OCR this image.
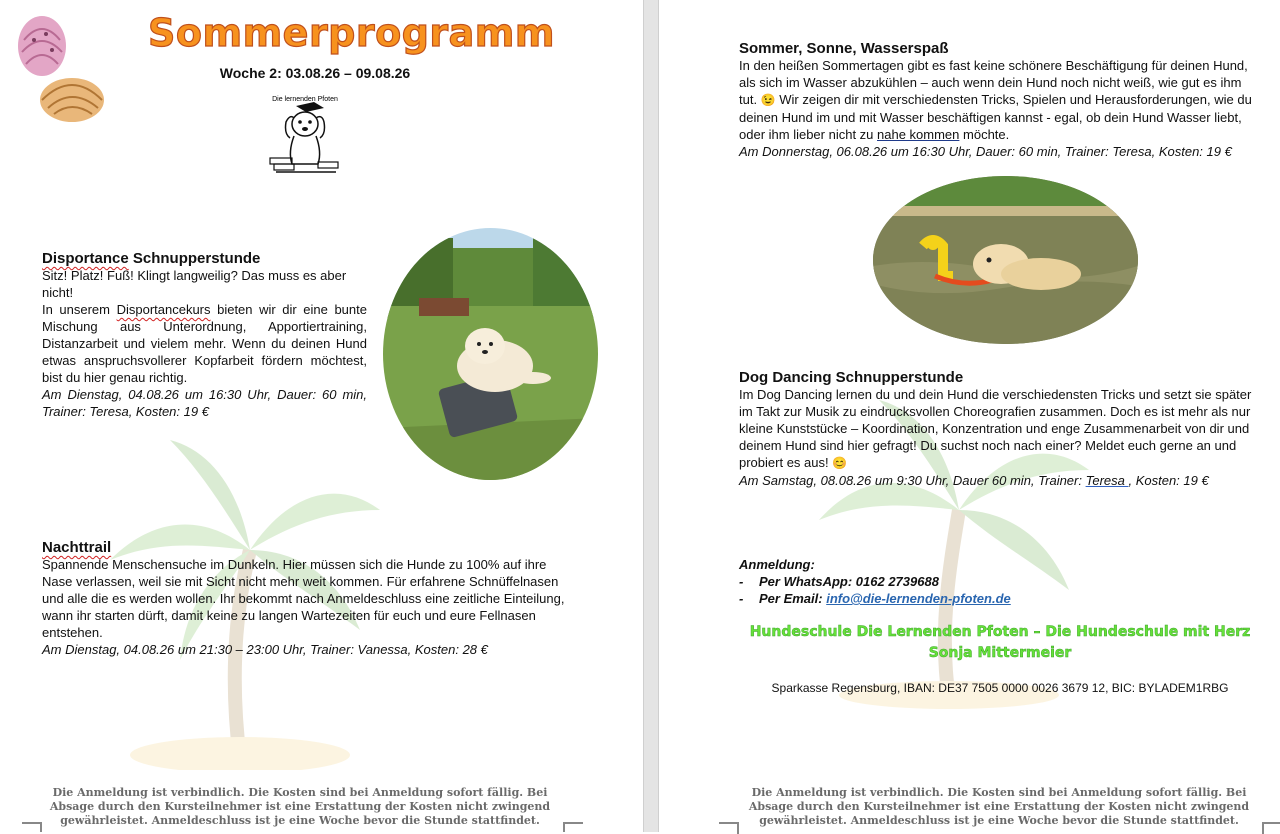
Sommerprogramm
Woche 2: 03.08.26 – 09.08.26
Die lernenden Pfoten

Disportance Schnupperstunde

Sitz! Platz! Fuß! Klingt langweilig? Das muss es aber nicht!

In unserem Disportancekurs bieten wir dir eine bunte Mischung aus Unterordnung, Apportiertraining, Distanzarbeit und vielem mehr. Wenn du deinen Hund etwas anspruchsvollerer Kopfarbeit fördern möchtest, bist du hier genau richtig.

Am Dienstag, 04.08.26 um 16:30 Uhr, Dauer: 60 min, Trainer: Teresa, Kosten: 19 €

Nachttrail

Spannende Menschensuche im Dunkeln. Hier müssen sich die Hunde zu 100% auf ihre Nase verlassen, weil sie mit Sicht nicht mehr weit kommen. Für erfahrene Schnüffelnasen und alle die es werden wollen. Ihr bekommt nach Anmeldeschluss eine zeitliche Einteilung, wann ihr starten dürft, damit keine zu langen Wartezeiten für euch und eure Fellnasen entstehen.

Am Dienstag, 04.08.26 um 21:30 – 23:00 Uhr, Trainer: Vanessa, Kosten: 28 €

Die Anmeldung ist verbindlich. Die Kosten sind bei Anmeldung sofort fällig. Bei Absage durch den Kursteilnehmer ist eine Erstattung der Kosten nicht zwingend gewährleistet. Anmeldeschluss ist je eine Woche bevor die Stunde stattfindet.

Sommer, Sonne, Wasserspaß

In den heißen Sommertagen gibt es fast keine schönere Beschäftigung für deinen Hund, als sich im Wasser abzukühlen – auch wenn dein Hund noch nicht weiß, wie gut es ihm tut. 😉 Wir zeigen dir mit verschiedensten Tricks, Spielen und Herausforderungen, wie du deinen Hund im und mit Wasser beschäftigen kannst - egal, ob dein Hund Wasser liebt, oder ihm lieber nicht zu nahe kommen möchte.

Am Donnerstag, 06.08.26 um 16:30 Uhr, Dauer: 60 min, Trainer: Teresa, Kosten: 19 €

Dog Dancing Schnupperstunde

Im Dog Dancing lernen du und dein Hund die verschiedensten Tricks und setzt sie später im Takt zur Musik zu eindrucksvollen Choreografien zusammen. Doch es ist mehr als nur kleine Kunststücke – Koordination, Konzentration und enge Zusammenarbeit von dir und deinem Hund sind hier gefragt! Du suchst noch nach einer? Meldet euch gerne an und probiert es aus! 😊

Am Samstag, 08.08.26 um 9:30 Uhr, Dauer 60 min, Trainer: Teresa , Kosten: 19 €

Anmeldung:
- Per WhatsApp: 0162 2739688
- Per Email: info@die-lernenden-pfoten.de
Hundeschule Die Lernenden Pfoten – Die Hundeschule mit Herz
Sonja Mittermeier
Sparkasse Regensburg, IBAN: DE37 7505 0000 0026 3679 12, BIC: BYLADEM1RBG
Die Anmeldung ist verbindlich. Die Kosten sind bei Anmeldung sofort fällig. Bei Absage durch den Kursteilnehmer ist eine Erstattung der Kosten nicht zwingend gewährleistet. Anmeldeschluss ist je eine Woche bevor die Stunde stattfindet.
